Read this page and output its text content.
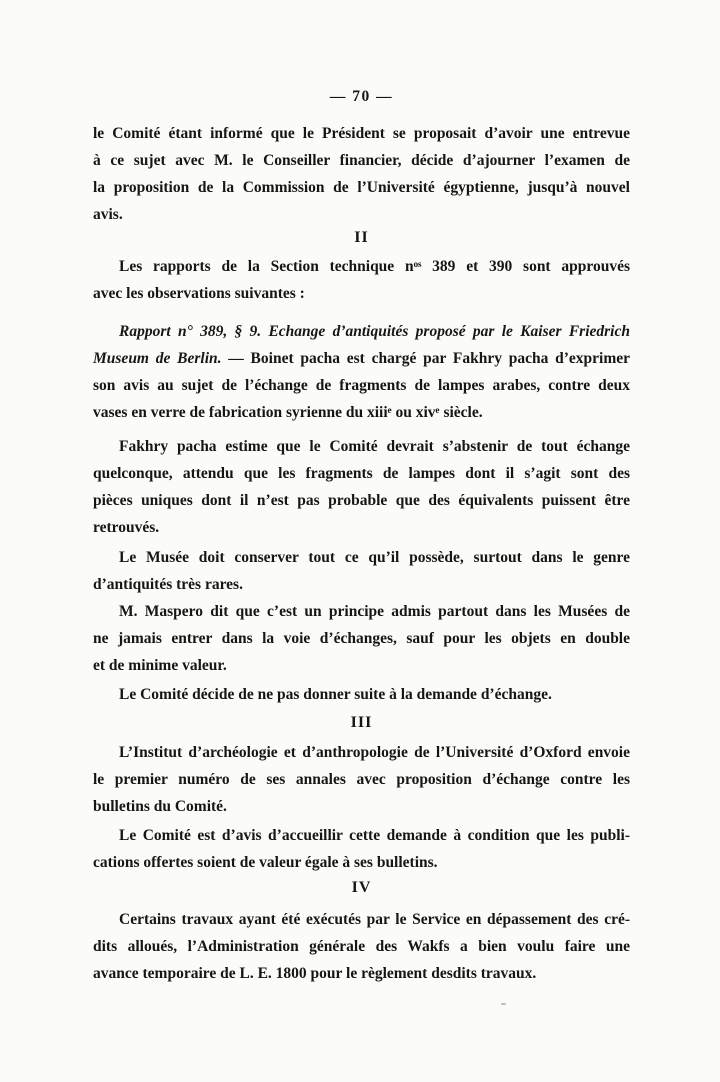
— 70 —
le Comité étant informé que le Président se proposait d’avoir une entrevue
à ce sujet avec M. le Conseiller financier, décide d’ajourner l’examen de
la proposition de la Commission de l’Université égyptienne, jusqu’à nouvel
avis.
II
Les rapports de la Section technique nᵒˢ 389 et 390 sont approuvés
avec les observations suivantes :
Rapport n° 389, § 9. Echange d’antiquités proposé par le Kaiser Friedrich
Museum de Berlin. — Boinet pacha est chargé par Fakhry pacha d’exprimer
son avis au sujet de l’échange de fragments de lampes arabes, contre deux
vases en verre de fabrication syrienne du xiiiᵉ ou xivᵉ siècle.
Fakhry pacha estime que le Comité devrait s’abstenir de tout échange
quelconque, attendu que les fragments de lampes dont il s’agit sont des
pièces uniques dont il n’est pas probable que des équivalents puissent être
retrouvés.
Le Musée doit conserver tout ce qu’il possède, surtout dans le genre
d’antiquités très rares.
M. Maspero dit que c’est un principe admis partout dans les Musées de
ne jamais entrer dans la voie d’échanges, sauf pour les objets en double
et de minime valeur.
Le Comité décide de ne pas donner suite à la demande d’échange.
III
L’Institut d’archéologie et d’anthropologie de l’Université d’Oxford envoie
le premier numéro de ses annales avec proposition d’échange contre les
bulletins du Comité.
Le Comité est d’avis d’accueillir cette demande à condition que les publi-
cations offertes soient de valeur égale à ses bulletins.
IV
Certains travaux ayant été exécutés par le Service en dépassement des cré-
dits alloués, l’Administration générale des Wakfs a bien voulu faire une
avance temporaire de L. E. 1800 pour le règlement desdits travaux.
